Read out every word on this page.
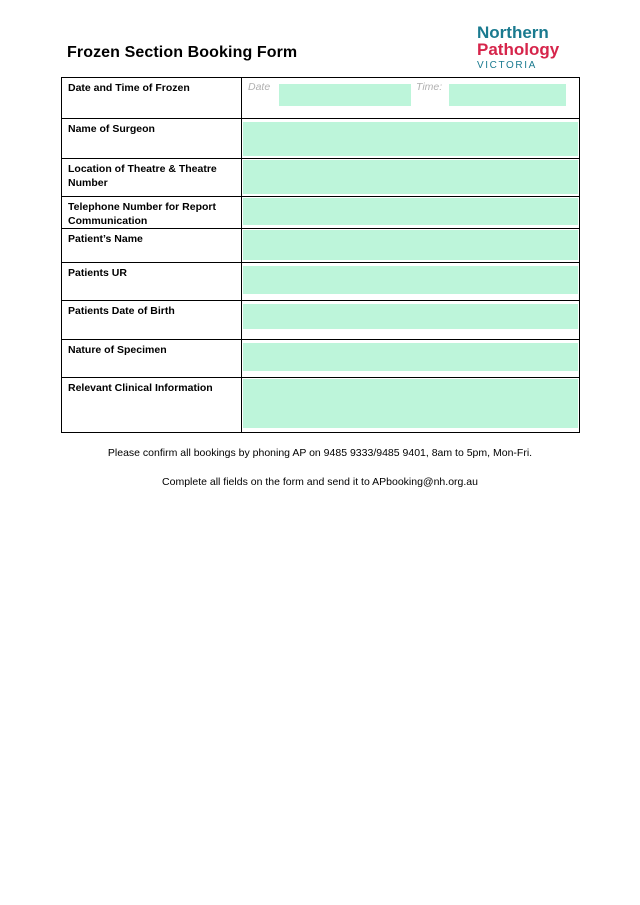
Frozen Section Booking Form
Northern
Pathology
VICTORIA
Date and Time of Frozen	Date Time:

Name of Surgeon	

Location of Theatre & Theatre Number	

Telephone Number for Report Communication	

Patient’s Name	

Patients UR	

Patients Date of Birth	

Nature of Specimen	

Relevant Clinical Information	
Please confirm all bookings by phoning AP on 9485 9333/9485 9401, 8am to 5pm, Mon-Fri.
Complete all fields on the form and send it to APbooking@nh.org.au
